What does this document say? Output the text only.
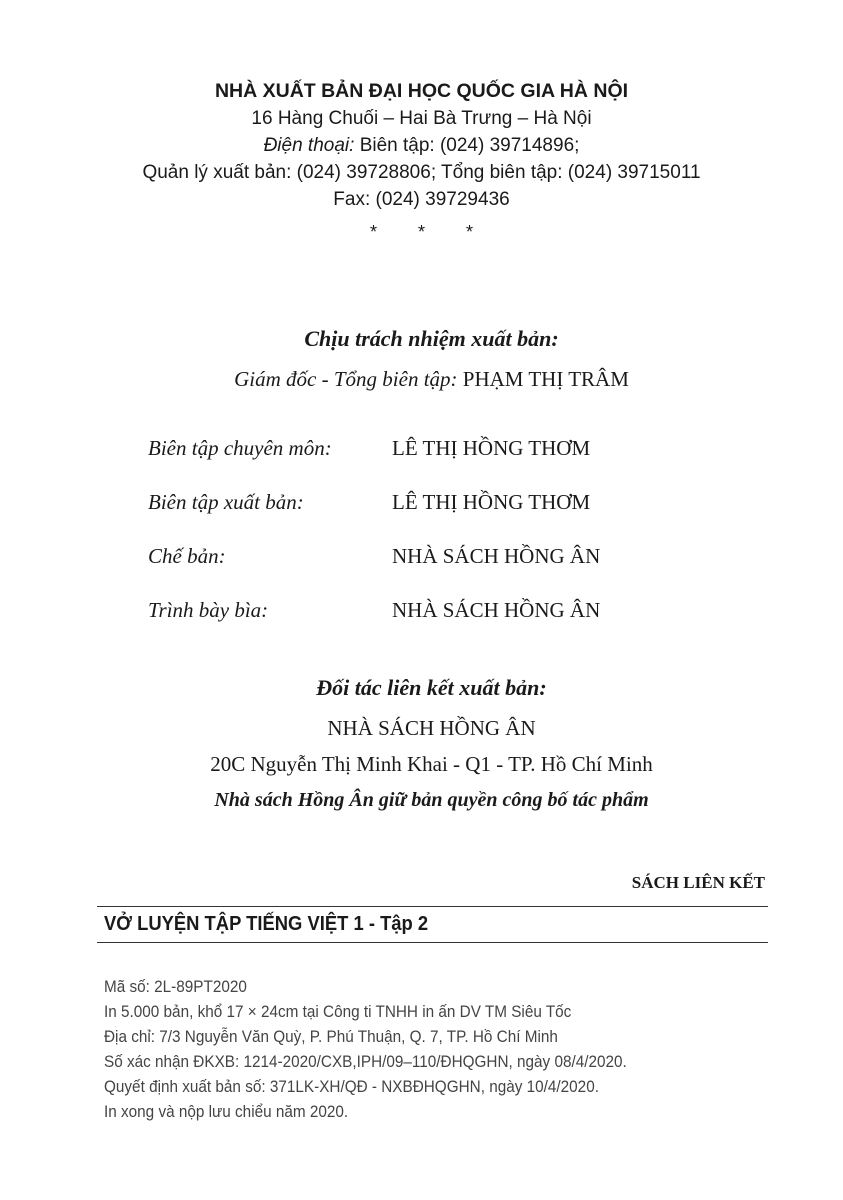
NHÀ XUẤT BẢN ĐẠI HỌC QUỐC GIA HÀ NỘI
16 Hàng Chuối – Hai Bà Trưng – Hà Nội
Điện thoại: Biên tập: (024) 39714896;
Quản lý xuất bản: (024) 39728806; Tổng biên tập: (024) 39715011
Fax: (024) 39729436
* * *
Chịu trách nhiệm xuất bản:
Giám đốc - Tổng biên tập: PHẠM THỊ TRÂM
Biên tập chuyên môn:	LÊ THỊ HỒNG THƠM
Biên tập xuất bản:	LÊ THỊ HỒNG THƠM
Chế bản:	NHÀ SÁCH HỒNG ÂN
Trình bày bìa:	NHÀ SÁCH HỒNG ÂN
Đối tác liên kết xuất bản:
NHÀ SÁCH HỒNG ÂN
20C Nguyễn Thị Minh Khai - Q1 - TP. Hồ Chí Minh
Nhà sách Hồng Ân giữ bản quyền công bố tác phẩm
SÁCH LIÊN KẾT
VỞ LUYỆN TẬP TIẾNG VIỆT 1 - Tập 2
Mã số: 2L-89PT2020
In 5.000 bản, khổ 17 × 24cm tại Công ti TNHH in ấn DV TM Siêu Tốc
Địa chỉ: 7/3 Nguyễn Văn Quỳ, P. Phú Thuận, Q. 7, TP. Hồ Chí Minh
Số xác nhận ĐKXB: 1214-2020/CXB,IPH/09–110/ĐHQGHN, ngày 08/4/2020.
Quyết định xuất bản số: 371LK-XH/QĐ - NXBĐHQGHN, ngày 10/4/2020.
In xong và nộp lưu chiểu năm 2020.
